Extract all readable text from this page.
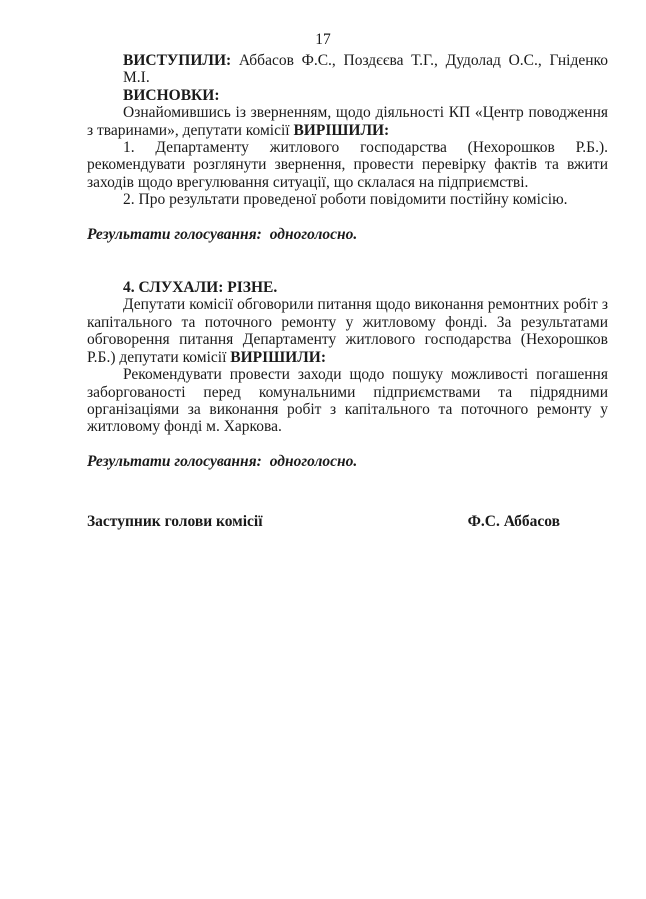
17

ВИСТУПИЛИ: Аббасов Ф.С., Поздєєва Т.Г., Дудолад О.С., Гніденко М.І.

ВИСНОВКИ:

Ознайомившись із зверненням, щодо діяльності КП «Центр поводження з тваринами», депутати комісії ВИРІШИЛИ:

1. Департаменту житлового господарства (Нехорошков Р.Б.). рекомендувати розглянути звернення, провести перевірку фактів та вжити заходів щодо врегулювання ситуації, що склалася на підприємстві.

2. Про результати проведеної роботи повідомити постійну комісію.

Результати голосування: одноголосно.

4. СЛУХАЛИ: РІЗНЕ.

Депутати комісії обговорили питання щодо виконання ремонтних робіт з капітального та поточного ремонту у житловому фонді. За результатами обговорення питання Департаменту житлового господарства (Нехорошков Р.Б.) депутати комісії ВИРІШИЛИ:

Рекомендувати провести заходи щодо пошуку можливості погашення заборгованості перед комунальними підприємствами та підрядними організаціями за виконання робіт з капітального та поточного ремонту у житловому фонді м. Харкова.

Результати голосування: одноголосно.

Заступник голови комісії	Ф.С. Аббасов
